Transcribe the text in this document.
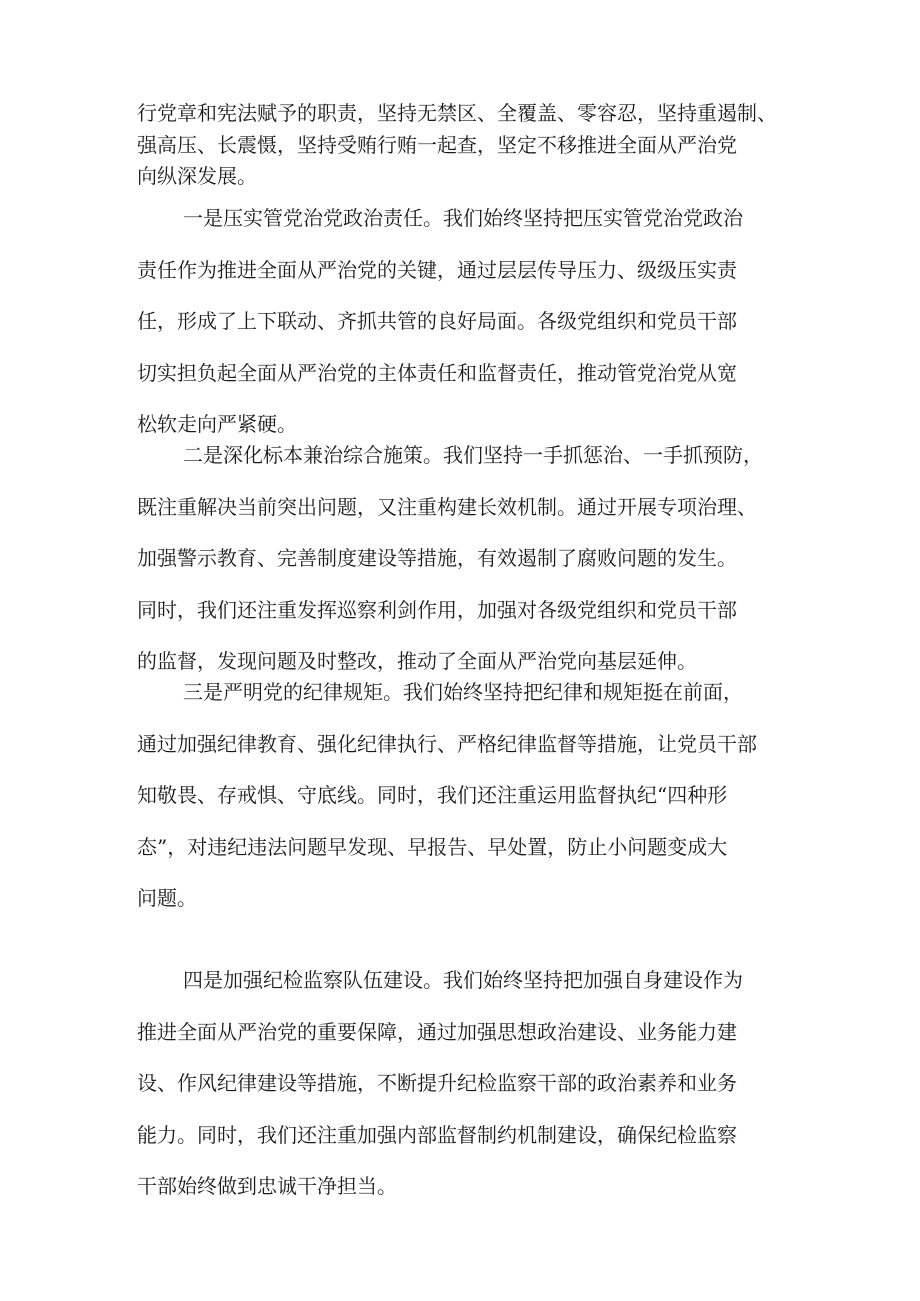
行党章和宪法赋予的职责，坚持无禁区、全覆盖、零容忍，坚持重遏制、
强高压、长震慑，坚持受贿行贿一起查，坚定不移推进全面从严治党
向纵深发展。
一是压实管党治党政治责任。我们始终坚持把压实管党治党政治
责任作为推进全面从严治党的关键，通过层层传导压力、级级压实责
任，形成了上下联动、齐抓共管的良好局面。各级党组织和党员干部
切实担负起全面从严治党的主体责任和监督责任，推动管党治党从宽
松软走向严紧硬。
二是深化标本兼治综合施策。我们坚持一手抓惩治、一手抓预防，
既注重解决当前突出问题，又注重构建长效机制。通过开展专项治理、
加强警示教育、完善制度建设等措施，有效遏制了腐败问题的发生。
同时，我们还注重发挥巡察利剑作用，加强对各级党组织和党员干部
的监督，发现问题及时整改，推动了全面从严治党向基层延伸。
三是严明党的纪律规矩。我们始终坚持把纪律和规矩挺在前面，
通过加强纪律教育、强化纪律执行、严格纪律监督等措施，让党员干部
知敬畏、存戒惧、守底线。同时，我们还注重运用监督执纪“四种形
态”，对违纪违法问题早发现、早报告、早处置，防止小问题变成大
问题。
四是加强纪检监察队伍建设。我们始终坚持把加强自身建设作为
推进全面从严治党的重要保障，通过加强思想政治建设、业务能力建
设、作风纪律建设等措施，不断提升纪检监察干部的政治素养和业务
能力。同时，我们还注重加强内部监督制约机制建设，确保纪检监察
干部始终做到忠诚干净担当。
